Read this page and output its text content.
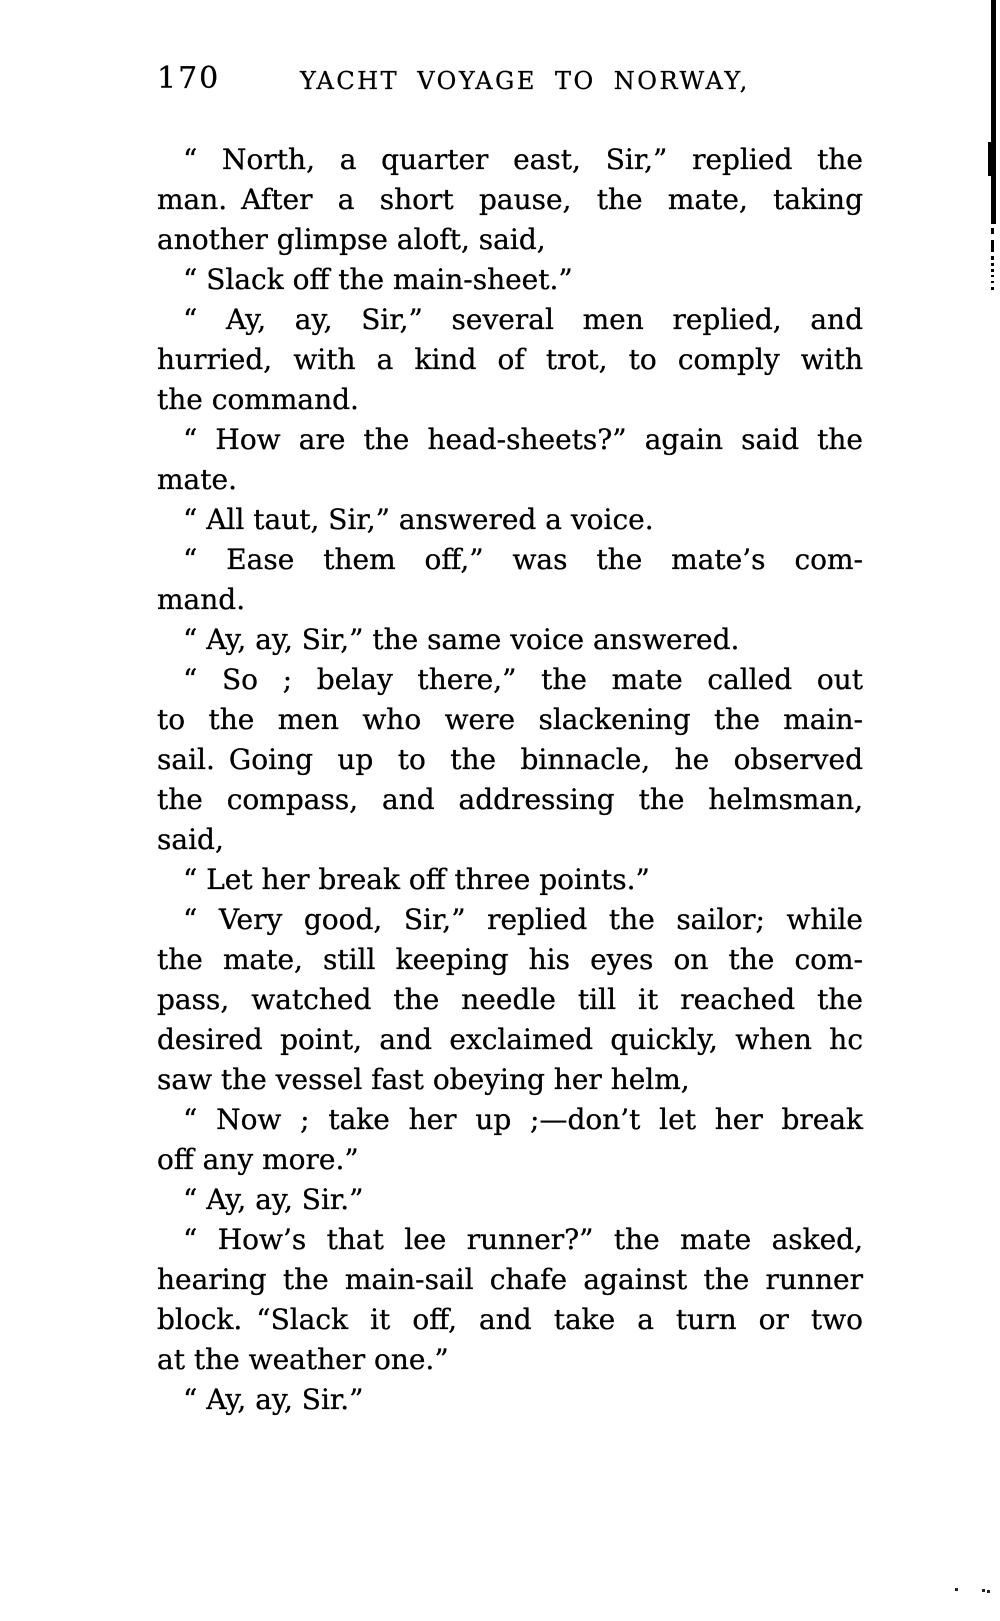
170	YACHT VOYAGE TO NORWAY,
“ North, a quarter east, Sir,” replied the
man. After a short pause, the mate, taking
another glimpse aloft, said,
“ Slack off the main-sheet.”
“ Ay, ay, Sir,” several men replied, and
hurried, with a kind of trot, to comply with
the command.
“ How are the head-sheets?” again said the
mate.
“ All taut, Sir,” answered a voice.
“ Ease them off,” was the mate’s com-
mand.
“ Ay, ay, Sir,” the same voice answered.
“ So ; belay there,” the mate called out
to the men who were slackening the main-
sail. Going up to the binnacle, he observed
the compass, and addressing the helmsman,
said,
“ Let her break off three points.”
“ Very good, Sir,” replied the sailor; while
the mate, still keeping his eyes on the com-
pass, watched the needle till it reached the
desired point, and exclaimed quickly, when hc
saw the vessel fast obeying her helm,
“ Now ; take her up ;—don’t let her break
off any more.”
“ Ay, ay, Sir.”
“ How’s that lee runner?” the mate asked,
hearing the main-sail chafe against the runner
block. “Slack it off, and take a turn or two
at the weather one.”
“ Ay, ay, Sir.”
